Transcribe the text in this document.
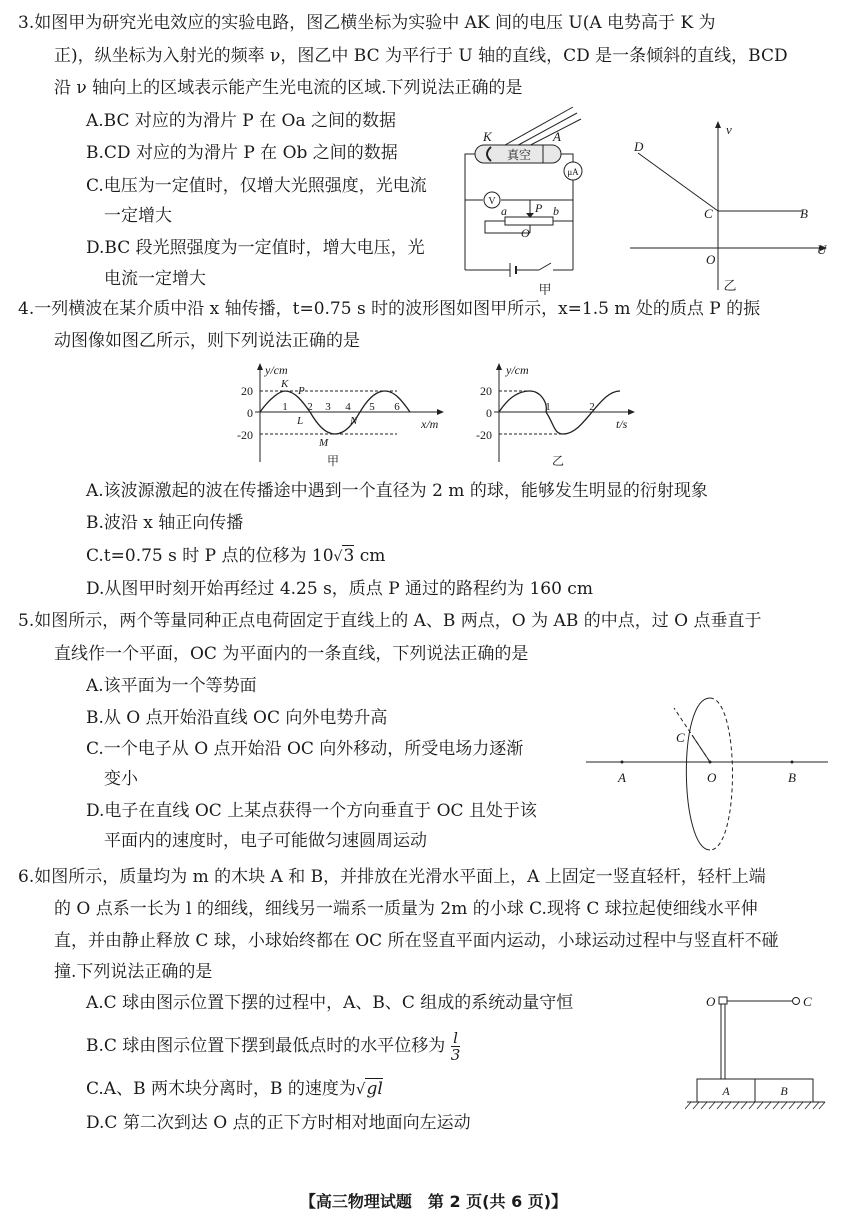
3.如图甲为研究光电效应的实验电路，图乙横坐标为实验中 AK 间的电压 U(A 电势高于 K 为
正)，纵坐标为入射光的频率 ν，图乙中 BC 为平行于 U 轴的直线，CD 是一条倾斜的直线，BCD
沿 ν 轴向上的区域表示能产生光电流的区域.下列说法正确的是
A.BC 对应的为滑片 P 在 Oa 之间的数据
B.CD 对应的为滑片 P 在 Ob 之间的数据
C.电压为一定值时，仅增大光照强度，光电流
一定增大
D.BC 段光照强度为一定值时，增大电压，光
电流一定增大
真空
K	A
μA
V	P
a	b
O
甲
D
ν
C	B
O
U
乙
4.一列横波在某介质中沿 x 轴传播，t=0.75 s 时的波形图如图甲所示，x=1.5 m 处的质点 P 的振
动图像如图乙所示，则下列说法正确的是
y/cm
x/m
20
0
-20
1 2 3 4 5 6
K
P
L
M
N
甲
y/cm
t/s
20
0
-20
1	2
乙
A.该波源激起的波在传播途中遇到一个直径为 2 m 的球，能够发生明显的衍射现象
B.波沿 x 轴正向传播
C.t=0.75 s 时 P 点的位移为 10√3 cm
D.从图甲时刻开始再经过 4.25 s，质点 P 通过的路程约为 160 cm
5.如图所示，两个等量同种正点电荷固定于直线上的 A、B 两点，O 为 AB 的中点，过 O 点垂直于
直线作一个平面，OC 为平面内的一条直线，下列说法正确的是
A.该平面为一个等势面
B.从 O 点开始沿直线 OC 向外电势升高
C.一个电子从 O 点开始沿 OC 向外移动，所受电场力逐渐
变小
D.电子在直线 OC 上某点获得一个方向垂直于 OC 且处于该
平面内的速度时，电子可能做匀速圆周运动
C
A	O	B
6.如图所示，质量均为 m 的木块 A 和 B，并排放在光滑水平面上，A 上固定一竖直轻杆，轻杆上端
的 O 点系一长为 l 的细线，细线另一端系一质量为 2m 的小球 C.现将 C 球拉起使细线水平伸
直，并由静止释放 C 球，小球始终都在 OC 所在竖直平面内运动，小球运动过程中与竖直杆不碰
撞.下列说法正确的是
A.C 球由图示位置下摆的过程中，A、B、C 组成的系统动量守恒
B.C 球由图示位置下摆到最低点时的水平位移为 $\frac{l}{3}$
C.A、B 两木块分离时，B 的速度为√gl
D.C 第二次到达 O 点的正下方时相对地面向左运动
A	B
O	C
【高三物理试题　第 2 页(共 6 页)】
